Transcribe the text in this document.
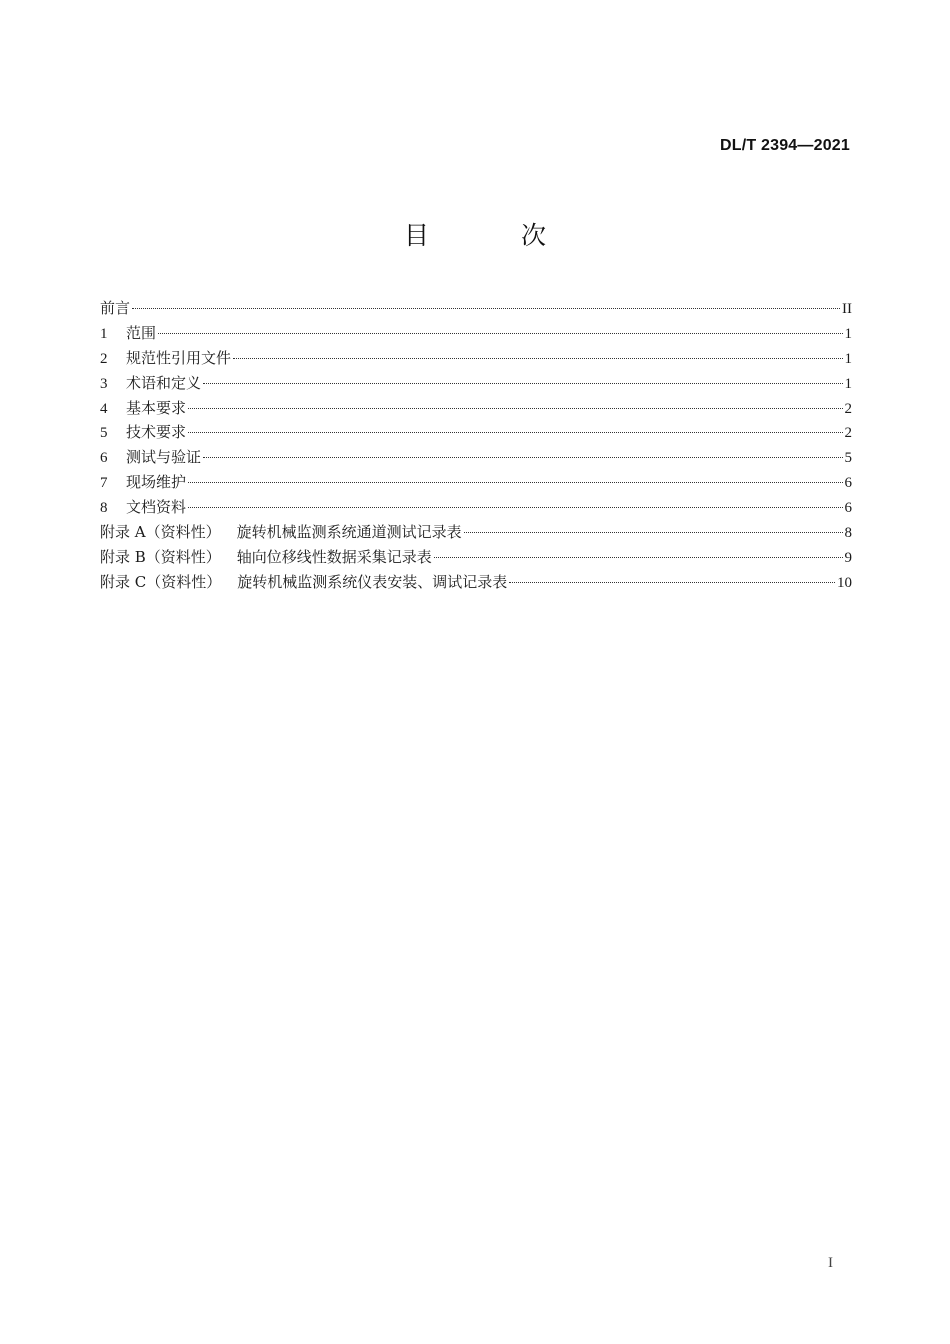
DL/T 2394—2021
目 次
前言	II
1	范围	1
2	规范性引用文件	1
3	术语和定义	1
4	基本要求	2
5	技术要求	2
6	测试与验证	5
7	现场维护	6
8	文档资料	6
附录 A（资料性） 旋转机械监测系统通道测试记录表	8
附录 B（资料性） 轴向位移线性数据采集记录表	9
附录 C（资料性） 旋转机械监测系统仪表安装、调试记录表	10
I
